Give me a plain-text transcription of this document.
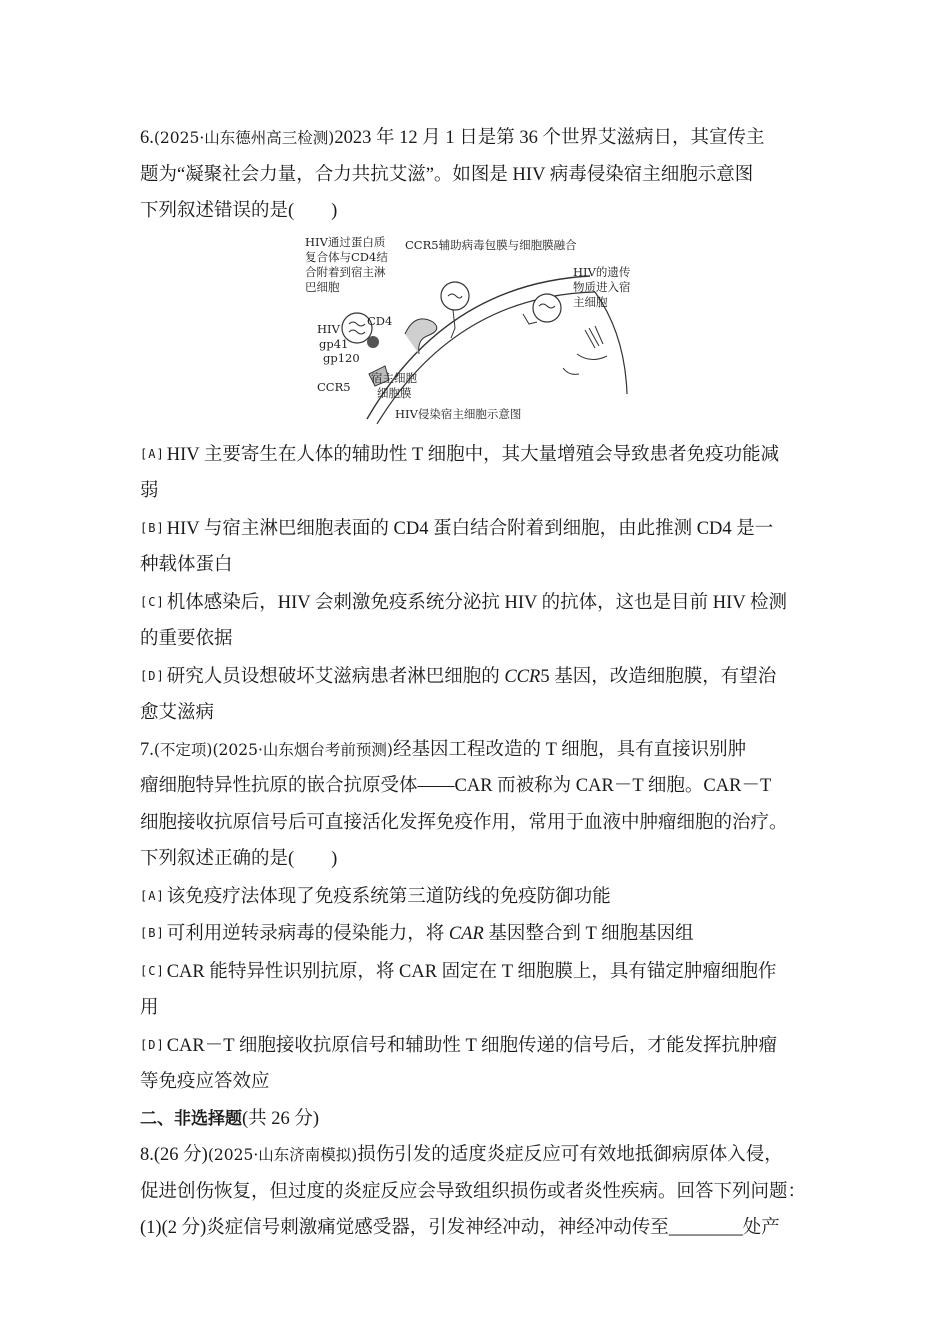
6.(2025·山东德州高三检测)2023 年 12 月 1 日是第 36 个世界艾滋病日，其宣传主
题为“凝聚社会力量，合力共抗艾滋”。如图是 HIV 病毒侵染宿主细胞示意图
下列叙述错误的是(　　)
HIV通过蛋白质
复合体与CD4结
合附着到宿主淋
巴细胞
CCR5辅助病毒包膜与细胞膜融合
HIV的遗传
物质进入宿
主细胞
HIV
CD4
gp41
gp120
CCR5
宿主细胞
细胞膜
HIV侵染宿主细胞示意图
[A] HIV 主要寄生在人体的辅助性 T 细胞中，其大量增殖会导致患者免疫功能减
弱
[B] HIV 与宿主淋巴细胞表面的 CD4 蛋白结合附着到细胞，由此推测 CD4 是一
种载体蛋白
[C] 机体感染后，HIV 会刺激免疫系统分泌抗 HIV 的抗体，这也是目前 HIV 检测
的重要依据
[D] 研究人员设想破坏艾滋病患者淋巴细胞的 CCR5 基因，改造细胞膜，有望治
愈艾滋病
7.(不定项)(2025·山东烟台考前预测)经基因工程改造的 T 细胞，具有直接识别肿
瘤细胞特异性抗原的嵌合抗原受体——CAR 而被称为 CAR－T 细胞。CAR－T
细胞接收抗原信号后可直接活化发挥免疫作用，常用于血液中肿瘤细胞的治疗。
下列叙述正确的是(　　)
[A] 该免疫疗法体现了免疫系统第三道防线的免疫防御功能
[B] 可利用逆转录病毒的侵染能力，将 CAR 基因整合到 T 细胞基因组
[C] CAR 能特异性识别抗原，将 CAR 固定在 T 细胞膜上，具有锚定肿瘤细胞作
用
[D] CAR－T 细胞接收抗原信号和辅助性 T 细胞传递的信号后，才能发挥抗肿瘤
等免疫应答效应
二、非选择题(共 26 分)
8.(26 分)(2025·山东济南模拟)损伤引发的适度炎症反应可有效地抵御病原体入侵，
促进创伤恢复，但过度的炎症反应会导致组织损伤或者炎性疾病。回答下列问题：
(1)(2 分)炎症信号刺激痛觉感受器，引发神经冲动，神经冲动传至________处产
